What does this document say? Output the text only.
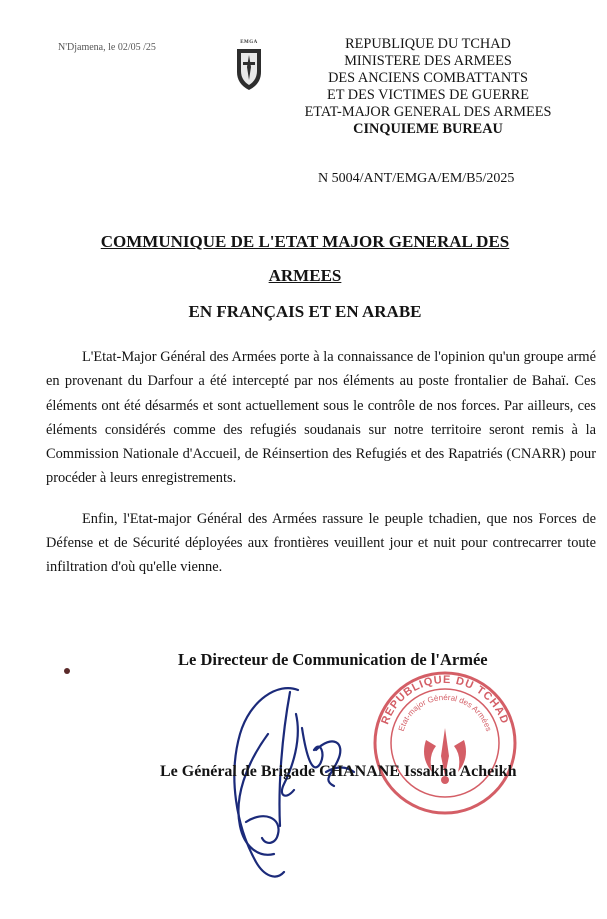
N'Djamena, le 02/05 /25	EMGA	REPUBLIQUE DU TCHAD
MINISTERE DES ARMEES
DES ANCIENS COMBATTANTS
ET DES VICTIMES DE GUERRE
ETAT-MAJOR GENERAL DES ARMEES
CINQUIEME BUREAU
N 5004/ANT/EMGA/EM/B5/2025
COMMUNIQUE DE L'ETAT MAJOR GENERAL DES
ARMEES
EN FRANÇAIS ET EN ARABE

L'Etat-Major Général des Armées porte à la connaissance de l'opinion qu'un groupe armé en provenant du Darfour a été intercepté par nos éléments au poste frontalier de Bahaï. Ces éléments ont été désarmés et sont actuellement sous le contrôle de nos forces. Par ailleurs, ces éléments considérés comme des refugiés soudanais sur notre territoire seront remis à la Commission Nationale d'Accueil, de Réinsertion des Refugiés et des Rapatriés (CNARR) pour procéder à leurs enregistrements.

Enfin, l'Etat-major Général des Armées rassure le peuple tchadien, que nos Forces de Défense et de Sécurité déployées aux frontières veuillent jour et nuit pour contrecarrer toute infiltration d'où qu'elle vienne.

Le Directeur de Communication de l'Armée
REPUBLIQUE DU TCHAD
Etat-major Général des Armées
Le Général de Brigade CHANANE Issakha Acheikh
